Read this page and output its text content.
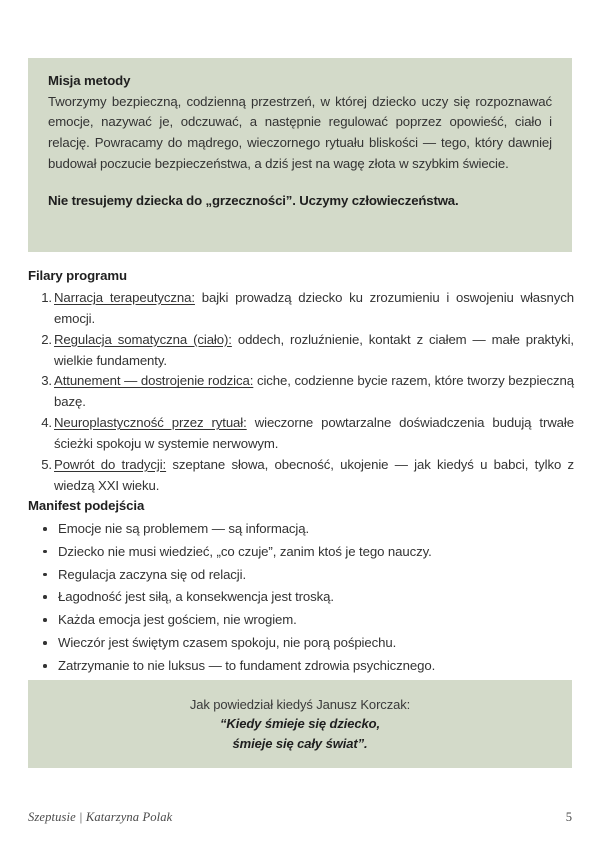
Misja metody

Tworzymy bezpieczną, codzienną przestrzeń, w której dziecko uczy się rozpoznawać emocje, nazywać je, odczuwać, a następnie regulować poprzez opowieść, ciało i relację. Powracamy do mądrego, wieczornego rytuału bliskości — tego, który dawniej budował poczucie bezpieczeństwa, a dziś jest na wagę złota w szybkim świecie.

Nie tresujemy dziecka do „grzeczności”. Uczymy człowieczeństwa.

Filary programu
1. Narracja terapeutyczna: bajki prowadzą dziecko ku zrozumieniu i oswojeniu własnych emocji.
2. Regulacja somatyczna (ciało): oddech, rozluźnienie, kontakt z ciałem — małe praktyki, wielkie fundamenty.
3. Attunement — dostrojenie rodzica: ciche, codzienne bycie razem, które tworzy bezpieczną bazę.
4. Neuroplastyczność przez rytuał: wieczorne powtarzalne doświadczenia budują trwałe ścieżki spokoju w systemie nerwowym.
5. Powrót do tradycji: szeptane słowa, obecność, ukojenie — jak kiedyś u babci, tylko z wiedzą XXI wieku.
Manifest podejścia
Emocje nie są problemem — są informacją.
Dziecko nie musi wiedzieć, „co czuje”, zanim ktoś je tego nauczy.
Regulacja zaczyna się od relacji.
Łagodność jest siłą, a konsekwencja jest troską.
Każda emocja jest gościem, nie wrogiem.
Wieczór jest świętym czasem spokoju, nie porą pośpiechu.
Zatrzymanie to nie luksus — to fundament zdrowia psychicznego.

Jak powiedział kiedyś Janusz Korczak:

“Kiedy śmieje się dziecko,

śmieje się cały świat”.

Szeptusie | Katarzyna Polak	5
